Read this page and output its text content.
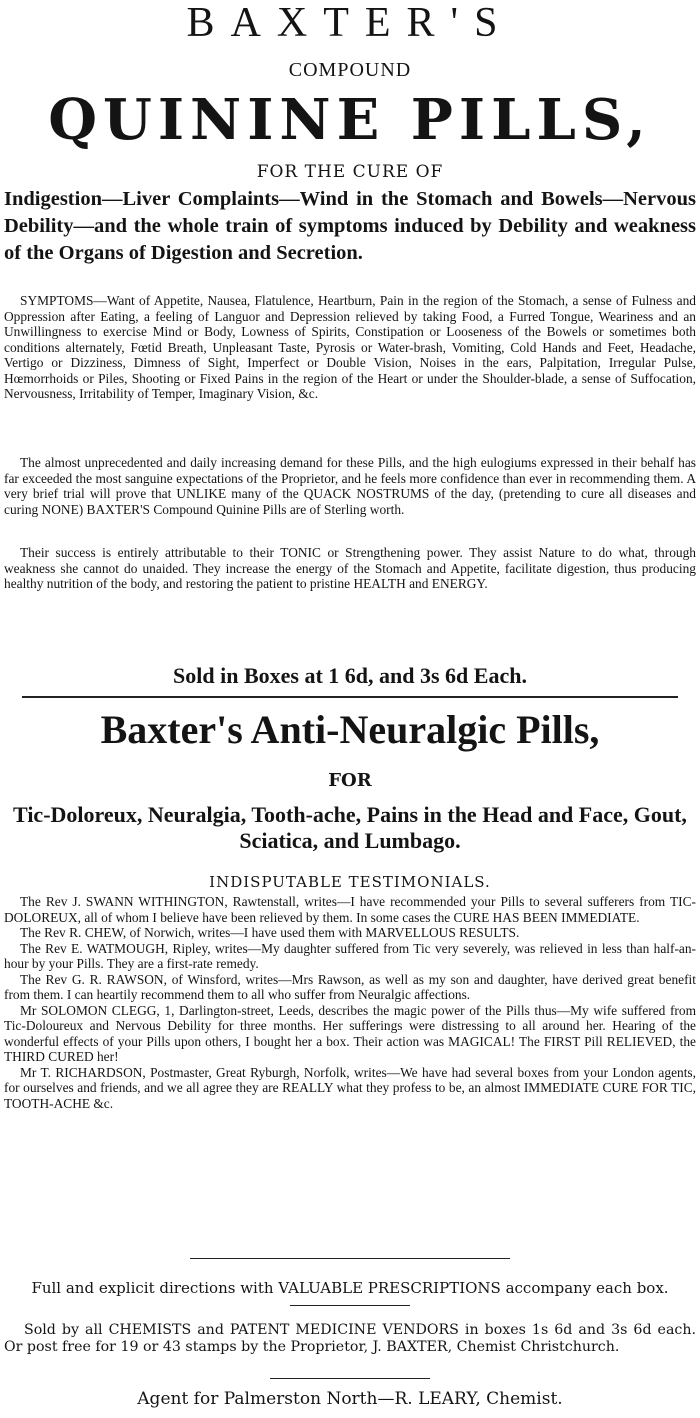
BAXTER'S
COMPOUND
QUININE PILLS,
FOR THE CURE OF
Indigestion—Liver Complaints—Wind in the Stomach and Bowels—Nervous Debility—and the whole train of symptoms induced by Debility and weakness of the Organs of Digestion and Secretion.
SYMPTOMS—Want of Appetite, Nausea, Flatulence, Heartburn, Pain in the region of the Stomach, a sense of Fulness and Oppression after Eating, a feeling of Languor and Depression relieved by taking Food, a Furred Tongue, Weariness and an Unwillingness to exercise Mind or Body, Lowness of Spirits, Constipation or Looseness of the Bowels or sometimes both conditions alternately, Fœtid Breath, Unpleasant Taste, Pyrosis or Water-brash, Vomiting, Cold Hands and Feet, Headache, Vertigo or Dizziness, Dimness of Sight, Imperfect or Double Vision, Noises in the ears, Palpitation, Irregular Pulse, Hœmorrhoids or Piles, Shooting or Fixed Pains in the region of the Heart or under the Shoulder-blade, a sense of Suffocation, Nervousness, Irritability of Temper, Imaginary Vision, &c.
The almost unprecedented and daily increasing demand for these Pills, and the high eulogiums expressed in their behalf has far exceeded the most sanguine expectations of the Proprietor, and he feels more confidence than ever in recommending them. A very brief trial will prove that UNLIKE many of the QUACK NOSTRUMS of the day, (pretending to cure all diseases and curing NONE) BAXTER'S Compound Quinine Pills are of Sterling worth.
Their success is entirely attributable to their TONIC or Strengthening power. They assist Nature to do what, through weakness she cannot do unaided. They increase the energy of the Stomach and Appetite, facilitate digestion, thus producing healthy nutrition of the body, and restoring the patient to pristine HEALTH and ENERGY.
Sold in Boxes at 1 6d, and 3s 6d Each.
Baxter's Anti-Neuralgic Pills,
FOR
Tic-Doloreux, Neuralgia, Tooth-ache, Pains in the Head and Face, Gout, Sciatica, and Lumbago.
INDISPUTABLE TESTIMONIALS.

The Rev J. SWANN WITHINGTON, Rawtenstall, writes—I have recommended your Pills to several sufferers from TIC-DOLOREUX, all of whom I believe have been relieved by them. In some cases the CURE HAS BEEN IMMEDIATE.

The Rev R. CHEW, of Norwich, writes—I have used them with MARVELLOUS RESULTS.

The Rev E. WATMOUGH, Ripley, writes—My daughter suffered from Tic very severely, was relieved in less than half-an-hour by your Pills. They are a first-rate remedy.

The Rev G. R. RAWSON, of Winsford, writes—Mrs Rawson, as well as my son and daughter, have derived great benefit from them. I can heartily recommend them to all who suffer from Neuralgic affections.

Mr SOLOMON CLEGG, 1, Darlington-street, Leeds, describes the magic power of the Pills thus—My wife suffered from Tic-Doloureux and Nervous Debility for three months. Her sufferings were distressing to all around her. Hearing of the wonderful effects of your Pills upon others, I bought her a box. Their action was MAGICAL! The FIRST Pill RELIEVED, the THIRD CURED her!

Mr T. RICHARDSON, Postmaster, Great Ryburgh, Norfolk, writes—We have had several boxes from your London agents, for ourselves and friends, and we all agree they are REALLY what they profess to be, an almost IMMEDIATE CURE FOR TIC, TOOTH-ACHE &c.

Full and explicit directions with VALUABLE PRESCRIPTIONS accompany each box.
Sold by all CHEMISTS and PATENT MEDICINE VENDORS in boxes 1s 6d and 3s 6d each. Or post free for 19 or 43 stamps by the Proprietor, J. BAXTER, Chemist Christchurch.
Agent for Palmerston North—R. LEARY, Chemist.
